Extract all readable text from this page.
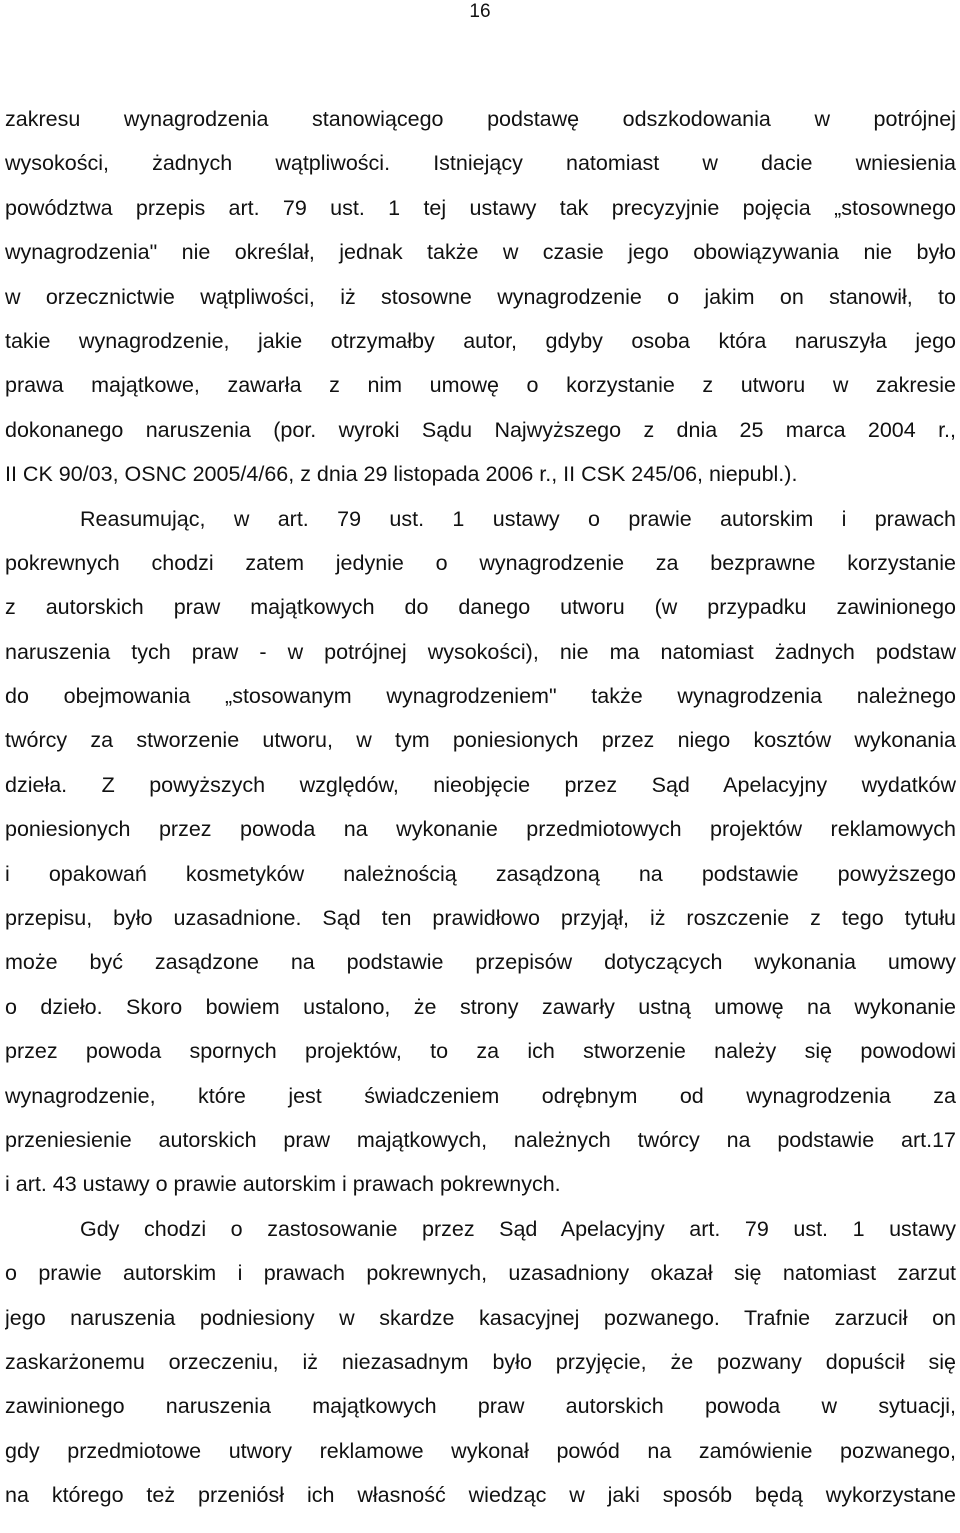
16
zakresu wynagrodzenia stanowiącego podstawę odszkodowania w potrójnej
wysokości, żadnych wątpliwości. Istniejący natomiast w dacie wniesienia
powództwa przepis art. 79 ust. 1 tej ustawy tak precyzyjnie pojęcia „stosownego
wynagrodzenia" nie określał, jednak także w czasie jego obowiązywania nie było
w orzecznictwie wątpliwości, iż stosowne wynagrodzenie o jakim on stanowił, to
takie wynagrodzenie, jakie otrzymałby autor, gdyby osoba która naruszyła jego
prawa majątkowe, zawarła z nim umowę o korzystanie z utworu w zakresie
dokonanego naruszenia (por. wyroki Sądu Najwyższego z dnia 25 marca 2004 r.,
II CK 90/03, OSNC 2005/4/66, z dnia 29 listopada 2006 r., II CSK 245/06, niepubl.).
Reasumując, w art. 79 ust. 1 ustawy o prawie autorskim i prawach
pokrewnych chodzi zatem jedynie o wynagrodzenie za bezprawne korzystanie
z autorskich praw majątkowych do danego utworu (w przypadku zawinionego
naruszenia tych praw - w potrójnej wysokości), nie ma natomiast żadnych podstaw
do obejmowania „stosowanym wynagrodzeniem" także wynagrodzenia należnego
twórcy za stworzenie utworu, w tym poniesionych przez niego kosztów wykonania
dzieła. Z powyższych względów, nieobjęcie przez Sąd Apelacyjny wydatków
poniesionych przez powoda na wykonanie przedmiotowych projektów reklamowych
i opakowań kosmetyków należnością zasądzoną na podstawie powyższego
przepisu, było uzasadnione. Sąd ten prawidłowo przyjął, iż roszczenie z tego tytułu
może być zasądzone na podstawie przepisów dotyczących wykonania umowy
o dzieło. Skoro bowiem ustalono, że strony zawarły ustną umowę na wykonanie
przez powoda spornych projektów, to za ich stworzenie należy się powodowi
wynagrodzenie, które jest świadczeniem odrębnym od wynagrodzenia za
przeniesienie autorskich praw majątkowych, należnych twórcy na podstawie art.17
i art. 43 ustawy o prawie autorskim i prawach pokrewnych.
Gdy chodzi o zastosowanie przez Sąd Apelacyjny art. 79 ust. 1 ustawy
o prawie autorskim i prawach pokrewnych, uzasadniony okazał się natomiast zarzut
jego naruszenia podniesiony w skardze kasacyjnej pozwanego. Trafnie zarzucił on
zaskarżonemu orzeczeniu, iż niezasadnym było przyjęcie, że pozwany dopuścił się
zawinionego naruszenia majątkowych praw autorskich powoda w sytuacji,
gdy przedmiotowe utwory reklamowe wykonał powód na zamówienie pozwanego,
na którego też przeniósł ich własność wiedząc w jaki sposób będą wykorzystane
